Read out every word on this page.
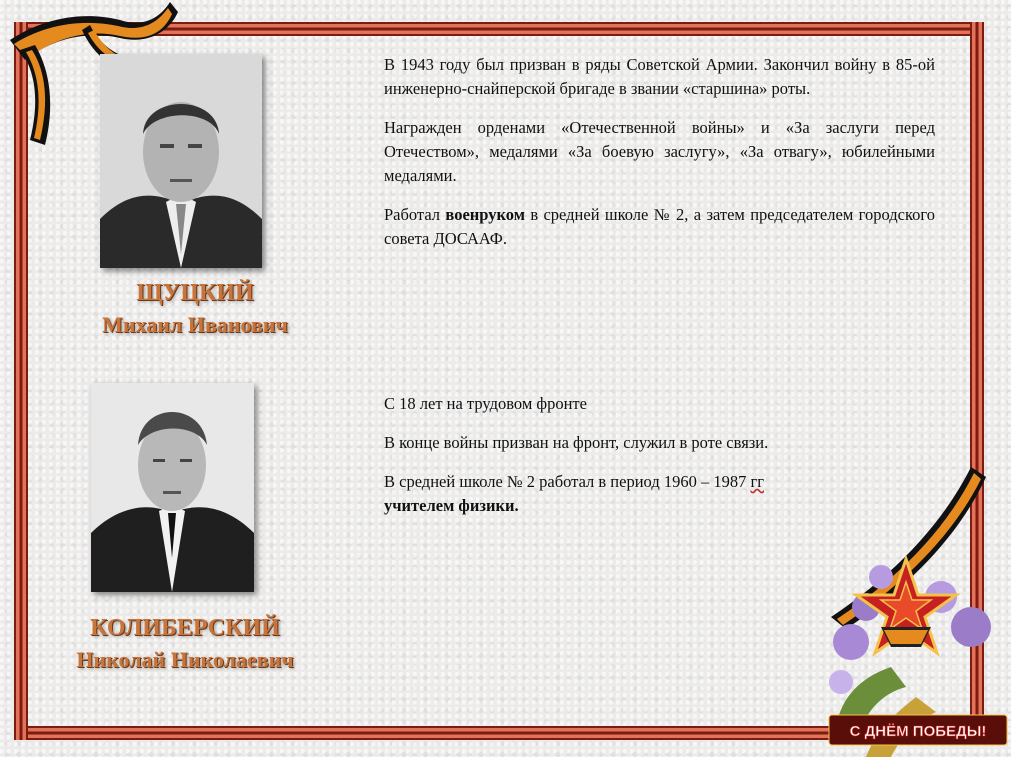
ЩУЦКИЙ
Михаил Иванович

В 1943 году был призван в ряды Советской Армии. Закончил войну в 85-ой инженерно-снайперской бригаде в звании «старшина» роты.

Награжден орденами «Отечественной войны» и «За заслуги перед Отечеством», медалями «За боевую заслугу», «За отвагу», юбилейными медалями.

Работал военруком в средней школе № 2, а затем председателем городского совета ДОСААФ.

КОЛИБЕРСКИЙ
Николай Николаевич

С 18 лет на трудовом фронте

В конце войны призван на фронт, служил в роте связи.

В средней школе № 2 работал в период 1960 – 1987 гг
учителем физики.

С ДНЁМ ПОБЕДЫ!
